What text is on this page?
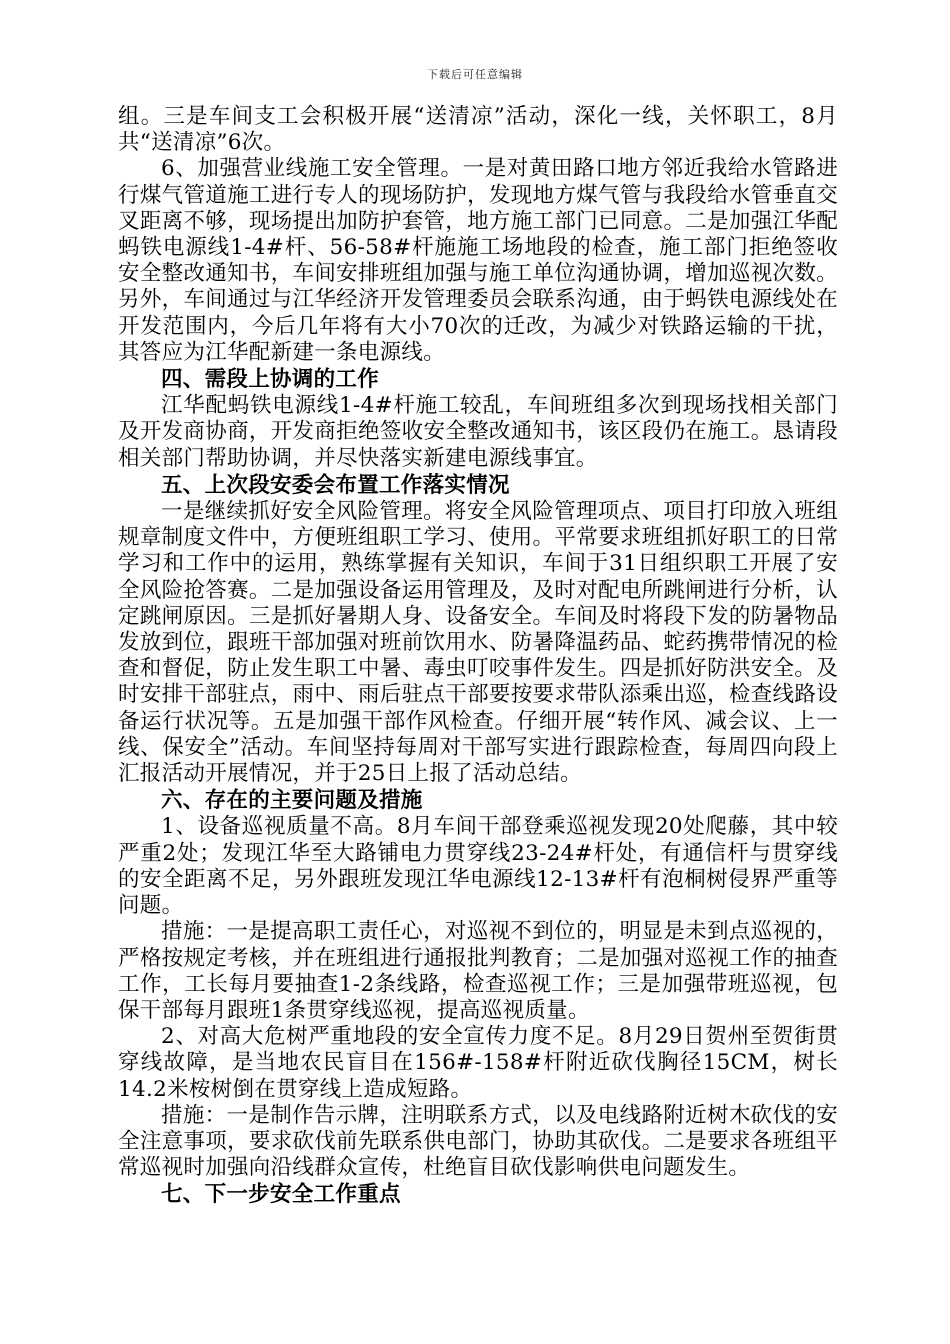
下载后可任意编辑

组。三是车间支工会积极开展“送清凉”活动，深化一线，关怀职工，8月共“送清凉”6次。

6、加强营业线施工安全管理。一是对黄田路口地方邻近我给水管路进行煤气管道施工进行专人的现场防护，发现地方煤气管与我段给水管垂直交叉距离不够，现场提出加防护套管，地方施工部门已同意。二是加强江华配蚂铁电源线1-4#杆、56-58#杆施施工场地段的检查，施工部门拒绝签收安全整改通知书，车间安排班组加强与施工单位沟通协调，增加巡视次数。另外，车间通过与江华经济开发管理委员会联系沟通，由于蚂铁电源线处在开发范围内，今后几年将有大小70次的迁改，为减少对铁路运输的干扰，其答应为江华配新建一条电源线。

四、需段上协调的工作

江华配蚂铁电源线1-4#杆施工较乱，车间班组多次到现场找相关部门及开发商协商，开发商拒绝签收安全整改通知书，该区段仍在施工。恳请段相关部门帮助协调，并尽快落实新建电源线事宜。

五、上次段安委会布置工作落实情况

一是继续抓好安全风险管理。将安全风险管理项点、项目打印放入班组规章制度文件中，方便班组职工学习、使用。平常要求班组抓好职工的日常学习和工作中的运用，熟练掌握有关知识，车间于31日组织职工开展了安全风险抢答赛。二是加强设备运用管理及，及时对配电所跳闸进行分析，认定跳闸原因。三是抓好暑期人身、设备安全。车间及时将段下发的防暑物品发放到位，跟班干部加强对班前饮用水、防暑降温药品、蛇药携带情况的检查和督促，防止发生职工中暑、毒虫叮咬事件发生。四是抓好防洪安全。及时安排干部驻点，雨中、雨后驻点干部要按要求带队添乘出巡，检查线路设备运行状况等。五是加强干部作风检查。仔细开展“转作风、减会议、上一线、保安全”活动。车间坚持每周对干部写实进行跟踪检查，每周四向段上汇报活动开展情况，并于25日上报了活动总结。

六、存在的主要问题及措施

1、设备巡视质量不高。8月车间干部登乘巡视发现20处爬藤，其中较严重2处；发现江华至大路铺电力贯穿线23-24#杆处，有通信杆与贯穿线的安全距离不足，另外跟班发现江华电源线12-13#杆有泡桐树侵界严重等问题。

措施：一是提高职工责任心，对巡视不到位的，明显是未到点巡视的，严格按规定考核，并在班组进行通报批判教育；二是加强对巡视工作的抽查工作，工长每月要抽查1-2条线路，检查巡视工作；三是加强带班巡视，包保干部每月跟班1条贯穿线巡视，提高巡视质量。

2、对高大危树严重地段的安全宣传力度不足。8月29日贺州至贺街贯穿线故障，是当地农民盲目在156#-158#杆附近砍伐胸径15CM，树长14.2米桉树倒在贯穿线上造成短路。

措施：一是制作告示牌，注明联系方式，以及电线路附近树木砍伐的安全注意事项，要求砍伐前先联系供电部门，协助其砍伐。二是要求各班组平常巡视时加强向沿线群众宣传，杜绝盲目砍伐影响供电问题发生。

七、下一步安全工作重点
